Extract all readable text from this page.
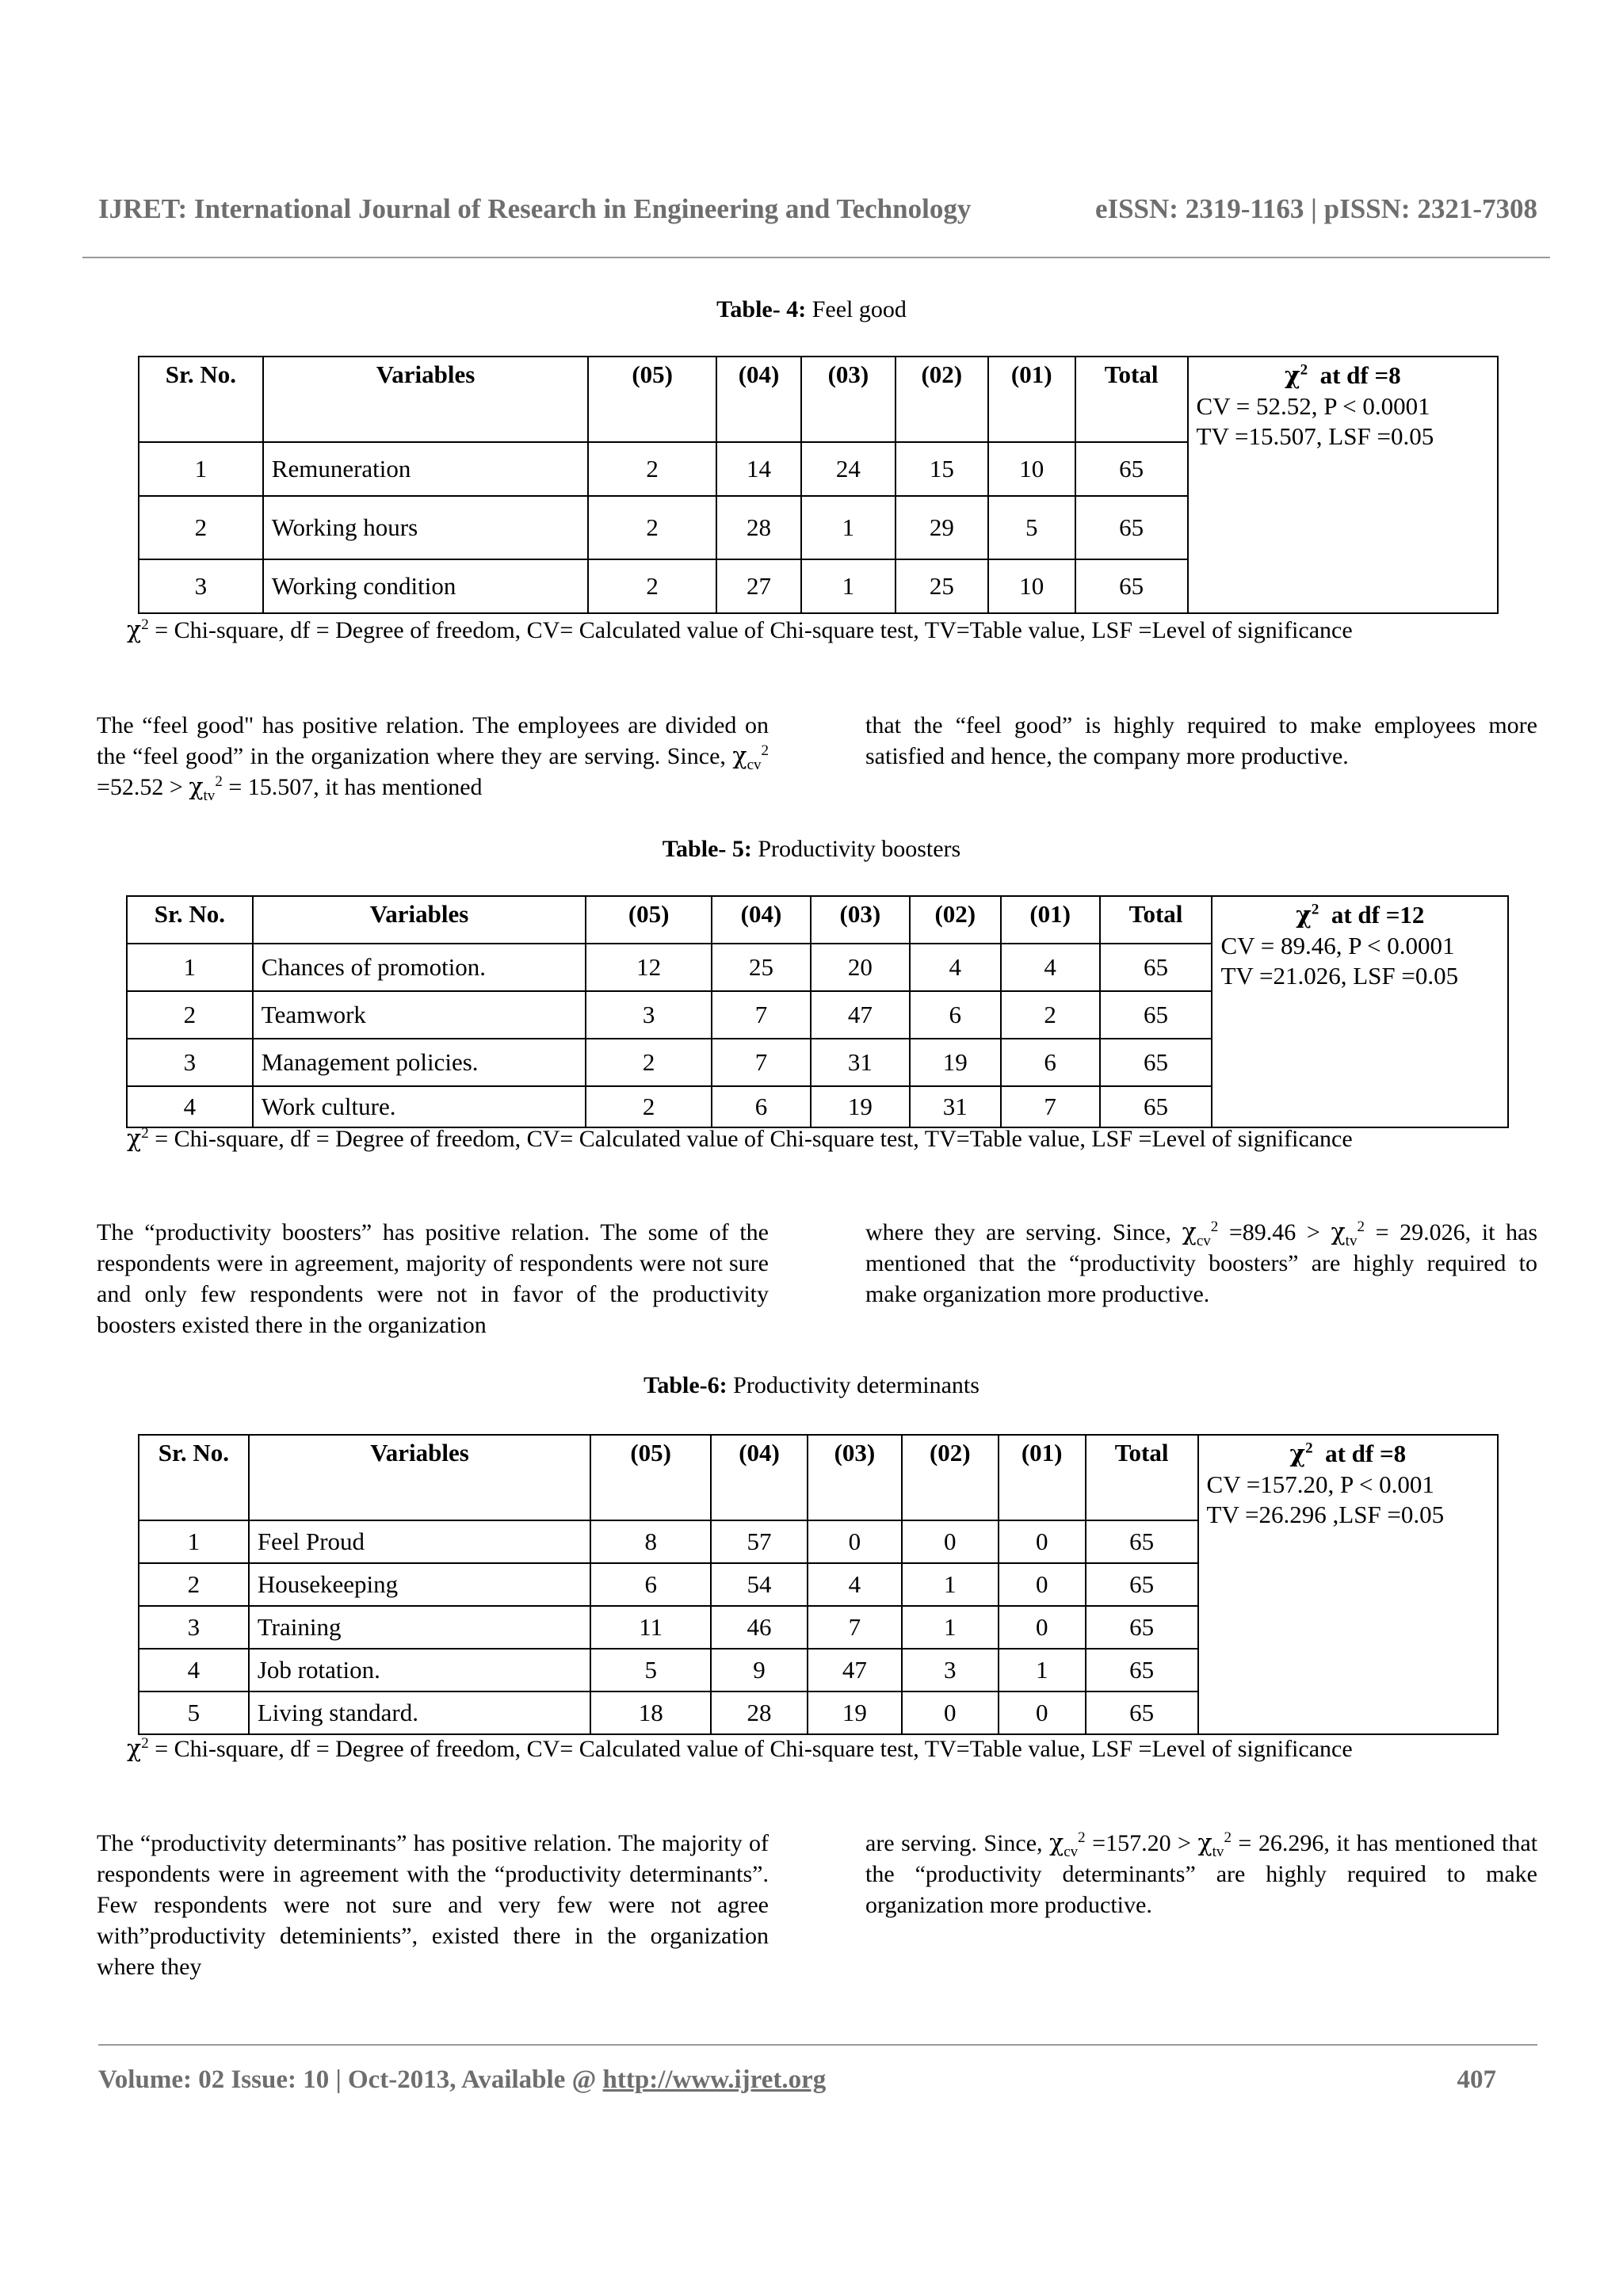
IJRET: International Journal of Research in Engineering and Technology	eISSN: 2319-1163 | pISSN: 2321-7308
Table- 4: Feel good
Sr. No.	Variables	(05)	(04)	(03)	(02)	(01)	Total	$\chi^2$ at df =8
CV = 52.52, P < 0.0001
TV =15.507, LSF =0.05

1	Remuneration	2	14	24	15	10	65	
2	Working hours	2	28	1	29	5	65	
3	Working condition	2	27	1	25	10	65	
$\chi^2$ = Chi-square, df = Degree of freedom, CV= Calculated value of Chi-square test, TV=Table value, LSF =Level of significance
The “feel good" has positive relation. The employees are divided on the “feel good” in the organization where they are serving. Since, $\chi_{cv}^2 =52.52 > \chi_{tv}^2 = 15.507$, it has mentioned
that the “feel good” is highly required to make employees more satisfied and hence, the company more productive.
Table- 5: Productivity boosters
Sr. No.	Variables	(05)	(04)	(03)	(02)	(01)	Total	$\chi^2$ at df =12
CV = 89.46, P < 0.0001
TV =21.026, LSF =0.05

1	Chances of promotion.	12	25	20	4	4	65	
2	Teamwork	3	7	47	6	2	65	
3	Management policies.	2	7	31	19	6	65	
4	Work culture.	2	6	19	31	7	65	
$\chi^2$ = Chi-square, df = Degree of freedom, CV= Calculated value of Chi-square test, TV=Table value, LSF =Level of significance
The “productivity boosters” has positive relation. The some of the respondents were in agreement, majority of respondents were not sure and only few respondents were not in favor of the productivity boosters existed there in the organization
where they are serving. Since, $\chi_{cv}^2 =89.46 > \chi_{tv}^2 = 29.026$, it has mentioned that the “productivity boosters” are highly required to make organization more productive.
Table-6: Productivity determinants
Sr. No.	Variables	(05)	(04)	(03)	(02)	(01)	Total	$\chi^2$ at df =8
CV =157.20, P < 0.001
TV =26.296 ,LSF =0.05

1	Feel Proud	8	57	0	0	0	65	
2	Housekeeping	6	54	4	1	0	65	
3	Training	11	46	7	1	0	65	
4	Job rotation.	5	9	47	3	1	65	
5	Living standard.	18	28	19	0	0	65	
$\chi^2$ = Chi-square, df = Degree of freedom, CV= Calculated value of Chi-square test, TV=Table value, LSF =Level of significance
The “productivity determinants” has positive relation. The majority of respondents were in agreement with the “productivity determinants”. Few respondents were not sure and very few were not agree with”productivity deteminients”, existed there in the organization where they
are serving. Since, $\chi_{cv}^2 =157.20 > \chi_{tv}^2 = 26.296$, it has mentioned that the “productivity determinants” are highly required to make organization more productive.
Volume: 02 Issue: 10 | Oct-2013, Available @ http://www.ijret.org	407
